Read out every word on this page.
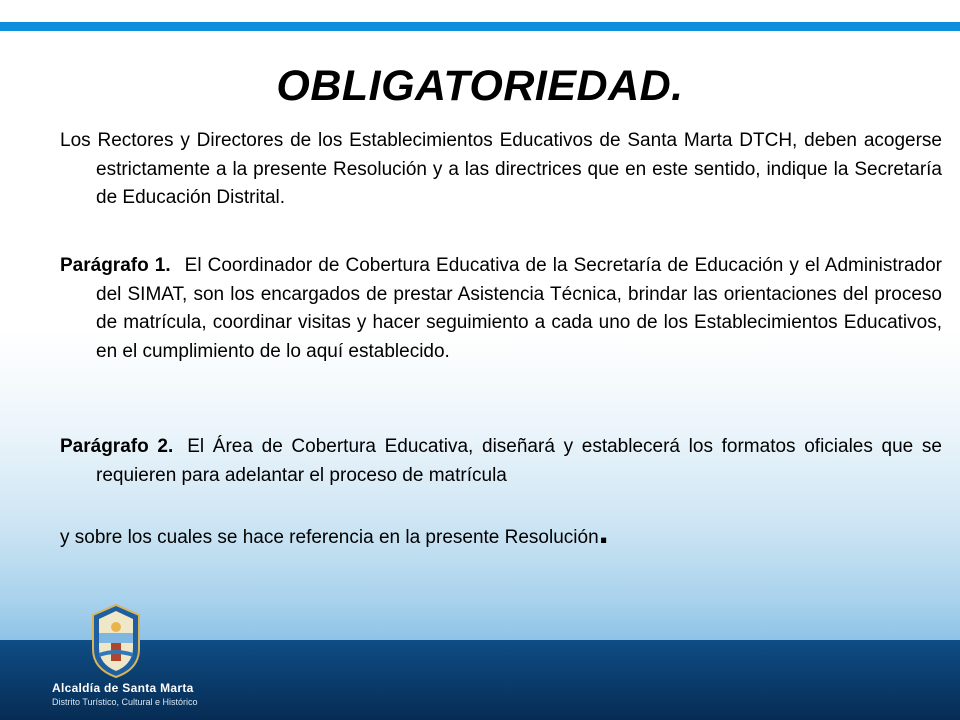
OBLIGATORIEDAD.

Los Rectores y Directores de los Establecimientos Educativos de Santa Marta DTCH, deben acogerse estrictamente a la presente Resolución y a las directrices que en este sentido, indique la Secretaría de Educación Distrital.

Parágrafo 1. El Coordinador de Cobertura Educativa de la Secretaría de Educación y el Administrador del SIMAT, son los encargados de prestar Asistencia Técnica, brindar las orientaciones del proceso de matrícula, coordinar visitas y hacer seguimiento a cada uno de los Establecimientos Educativos, en el cumplimiento de lo aquí establecido.

Parágrafo 2. El Área de Cobertura Educativa, diseñará y establecerá los formatos oficiales que se requieren para adelantar el proceso de matrícula
y sobre los cuales se hace referencia en la presente Resolución.

Alcaldía de Santa Marta
Distrito Turístico, Cultural e Histórico
